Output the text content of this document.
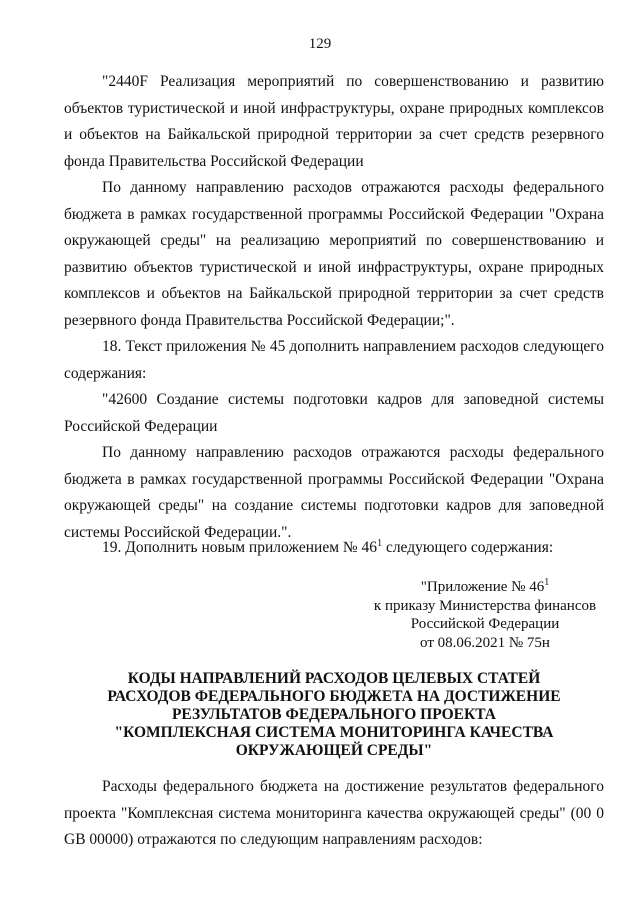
129

"2440F Реализация мероприятий по совершенствованию и развитию объектов туристической и иной инфраструктуры, охране природных комплексов и объектов на Байкальской природной территории за счет средств резервного фонда Правительства Российской Федерации

По данному направлению расходов отражаются расходы федерального бюджета в рамках государственной программы Российской Федерации "Охрана окружающей среды" на реализацию мероприятий по совершенствованию и развитию объектов туристической и иной инфраструктуры, охране природных комплексов и объектов на Байкальской природной территории за счет средств резервного фонда Правительства Российской Федерации;".

18. Текст приложения № 45 дополнить направлением расходов следующего содержания:

"42600 Создание системы подготовки кадров для заповедной системы Российской Федерации

По данному направлению расходов отражаются расходы федерального бюджета в рамках государственной программы Российской Федерации "Охрана окружающей среды" на создание системы подготовки кадров для заповедной системы Российской Федерации.".

19. Дополнить новым приложением № $46^1$ следующего содержания:

"Приложение № $46^1$
к приказу Министерства финансов
Российской Федерации
от 08.06.2021 № 75н
КОДЫ НАПРАВЛЕНИЙ РАСХОДОВ ЦЕЛЕВЫХ СТАТЕЙ
РАСХОДОВ ФЕДЕРАЛЬНОГО БЮДЖЕТА НА ДОСТИЖЕНИЕ
РЕЗУЛЬТАТОВ ФЕДЕРАЛЬНОГО ПРОЕКТА
"КОМПЛЕКСНАЯ СИСТЕМА МОНИТОРИНГА КАЧЕСТВА
ОКРУЖАЮЩЕЙ СРЕДЫ"

Расходы федерального бюджета на достижение результатов федерального проекта "Комплексная система мониторинга качества окружающей среды" (00 0 GB 00000) отражаются по следующим направлениям расходов:
